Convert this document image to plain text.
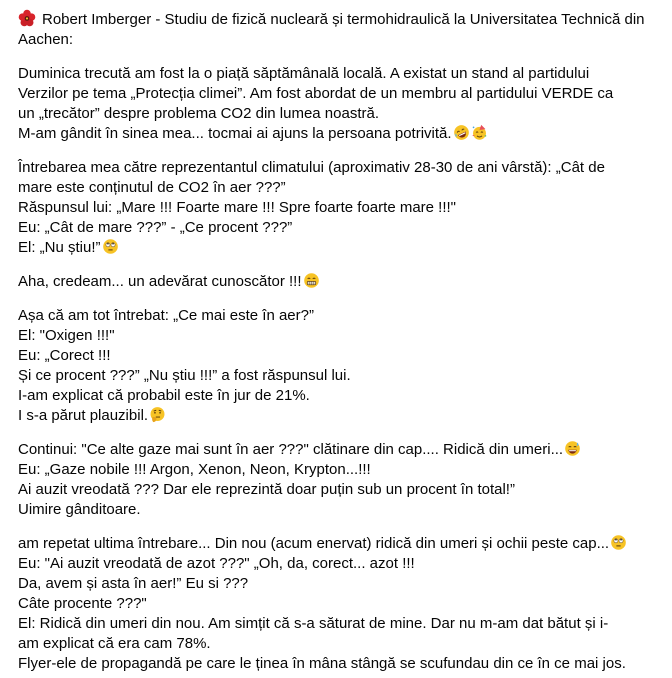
Robert Imberger - Studiu de fizică nucleară și termohidraulică la Universitatea Technică din Aachen:
Duminica trecută am fost la o piață săptămânală locală. A existat un stand al partidului
Verzilor pe tema „Protecția climei”. Am fost abordat de un membru al partidului VERDE ca
un „trecător” despre problema CO2 din lumea noastră.
M-am gândit în sinea mea... tocmai ai ajuns la persoana potrivită.
Întrebarea mea către reprezentantul climatului (aproximativ 28-30 de ani vârstă): „Cât de
mare este conținutul de CO2 în aer ???”
Răspunsul lui: „Mare !!! Foarte mare !!! Spre foarte foarte mare !!!"
Eu: „Cât de mare ???” - „Ce procent ???”
El: „Nu știu!”
Aha, credeam... un adevărat cunoscător !!!
Așa că am tot întrebat: „Ce mai este în aer?”
El: "Oxigen !!!"
Eu: „Corect !!!
Și ce procent ???” „Nu știu !!!” a fost răspunsul lui.
I-am explicat că probabil este în jur de 21%.
I s-a părut plauzibil.
Continui: "Ce alte gaze mai sunt în aer ???" clătinare din cap.... Ridică din umeri...
Eu: „Gaze nobile !!! Argon, Xenon, Neon, Krypton...!!!
Ai auzit vreodată ??? Dar ele reprezintă doar puțin sub un procent în total!”
Uimire gânditoare.
am repetat ultima întrebare... Din nou (acum enervat) ridică din umeri și ochii peste cap...
Eu: "Ai auzit vreodată de azot ???" „Oh, da, corect... azot !!!
Da, avem și asta în aer!” Eu si ???
Câte procente ???"
El: Ridică din umeri din nou. Am simțit că s-a săturat de mine. Dar nu m-am dat bătut și i-
am explicat că era cam 78%.
Flyer-ele de propagandă pe care le ținea în mâna stângă se scufundau din ce în ce mai jos.
